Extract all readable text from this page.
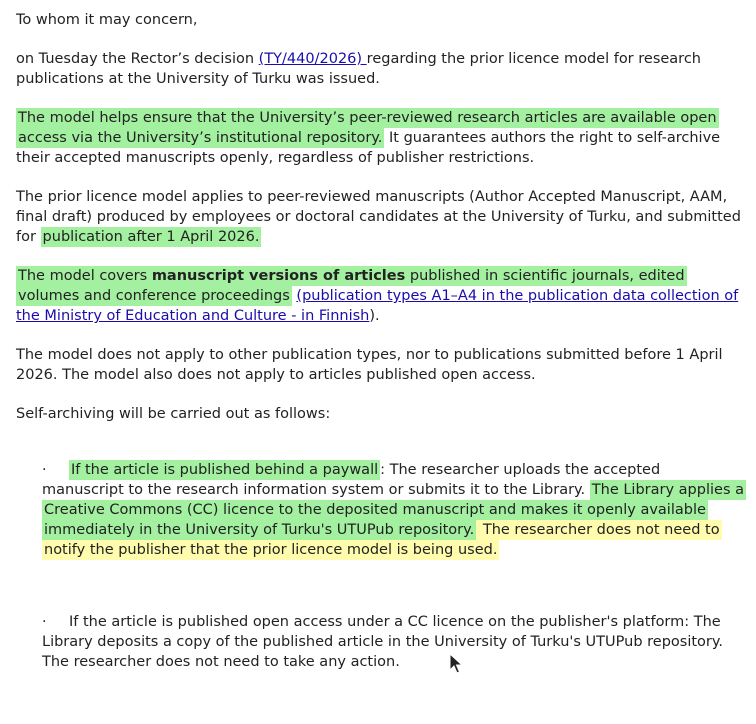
To whom it may concern,

on Tuesday the Rector’s decision (TY/440/2026) regarding the prior licence model for research publications at the University of Turku was issued.

The model helps ensure that the University’s peer-reviewed research articles are available open access via the University’s institutional repository. It guarantees authors the right to self-archive their accepted manuscripts openly, regardless of publisher restrictions.

The prior licence model applies to peer-reviewed manuscripts (Author Accepted Manuscript, AAM, final draft) produced by employees or doctoral candidates at the University of Turku, and submitted for publication after 1 April 2026.

The model covers manuscript versions of articles published in scientific journals, edited volumes and conference proceedings (publication types A1–A4 in the publication data collection of the Ministry of Education and Culture - in Finnish).

The model does not apply to other publication types, nor to publications submitted before 1 April 2026. The model also does not apply to articles published open access.

Self-archiving will be carried out as follows:

·	If the article is published behind a paywall : The researcher uploads the accepted manuscript to the research information system or submits it to the Library. The Library applies a Creative Commons (CC) licence to the deposited manuscript and makes it openly available immediately in the University of Turku's UTUPub repository. The researcher does not need to notify the publisher that the prior licence model is being used.
·	If the article is published open access under a CC licence on the publisher's platform: The Library deposits a copy of the published article in the University of Turku's UTUPub repository. The researcher does not need to take any action.
